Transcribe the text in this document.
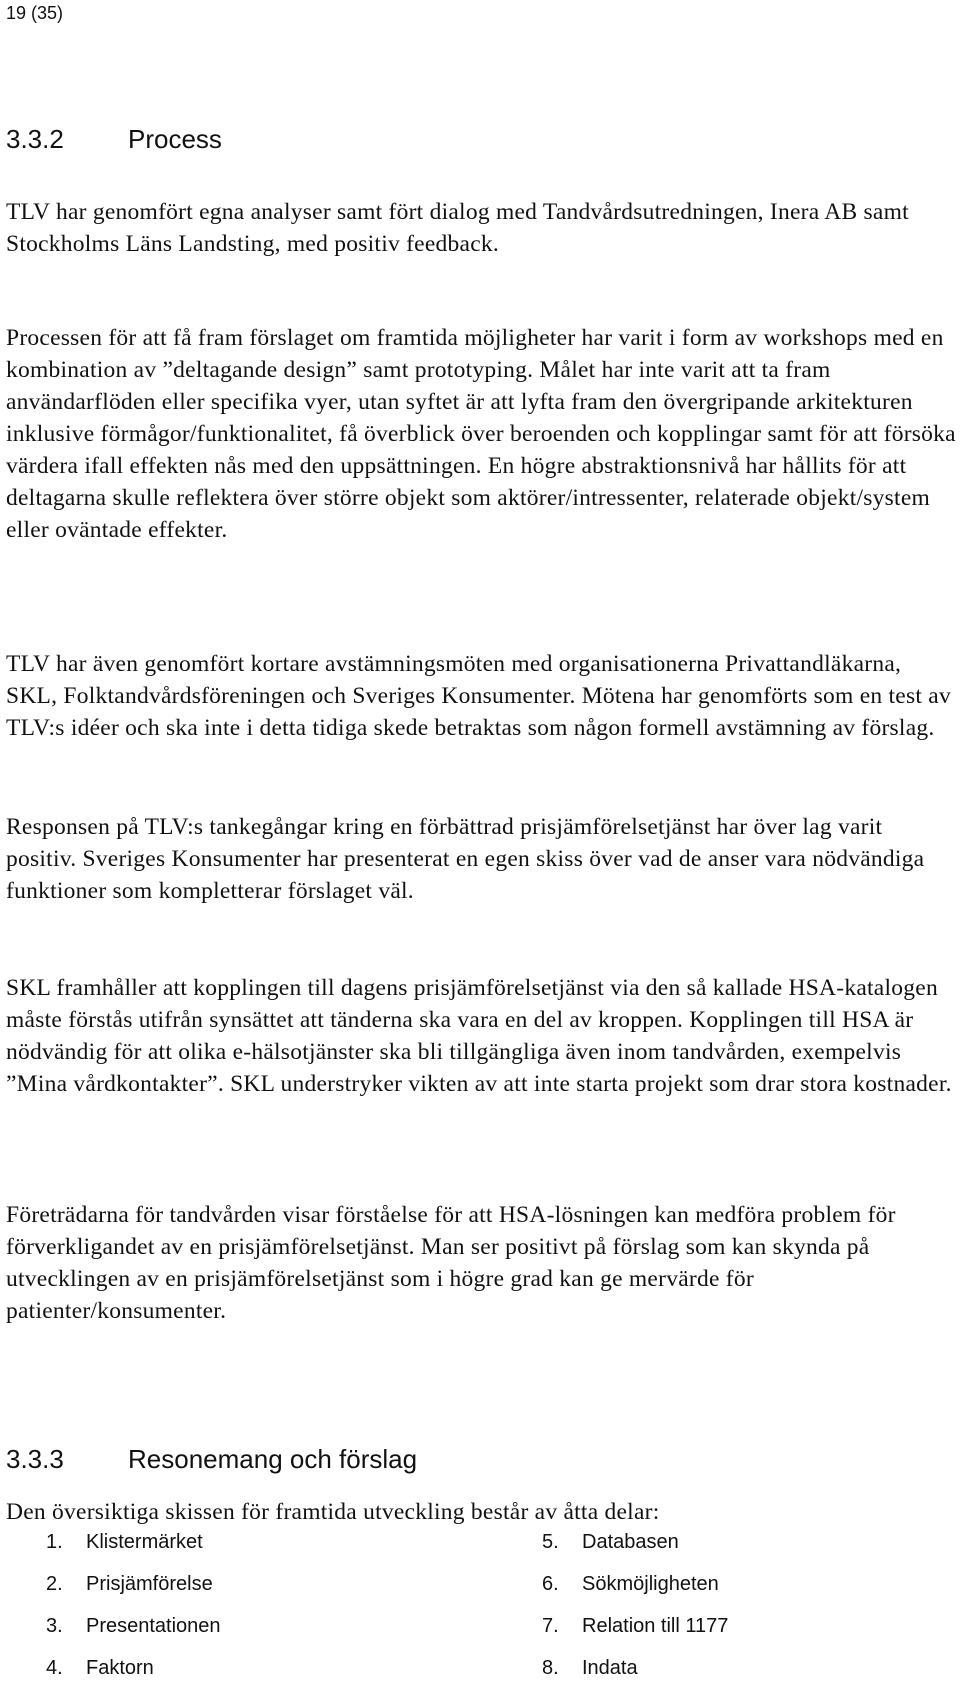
19 (35)
3.3.2 Process

TLV har genomfört egna analyser samt fört dialog med Tandvårdsutredningen, Inera AB samt Stockholms Läns Landsting, med positiv feedback.

Processen för att få fram förslaget om framtida möjligheter har varit i form av workshops med en kombination av ”deltagande design” samt prototyping. Målet har inte varit att ta fram användarflöden eller specifika vyer, utan syftet är att lyfta fram den övergripande arkitekturen inklusive förmågor/funktionalitet, få överblick över beroenden och kopplingar samt för att försöka värdera ifall effekten nås med den uppsättningen. En högre abstraktionsnivå har hållits för att deltagarna skulle reflektera över större objekt som aktörer/intressenter, relaterade objekt/system eller oväntade effekter.

TLV har även genomfört kortare avstämningsmöten med organisationerna Privattandläkarna, SKL, Folktandvårdsföreningen och Sveriges Konsumenter. Mötena har genomförts som en test av TLV:s idéer och ska inte i detta tidiga skede betraktas som någon formell avstämning av förslag.

Responsen på TLV:s tankegångar kring en förbättrad prisjämförelsetjänst har över lag varit positiv. Sveriges Konsumenter har presenterat en egen skiss över vad de anser vara nödvändiga funktioner som kompletterar förslaget väl.

SKL framhåller att kopplingen till dagens prisjämförelsetjänst via den så kallade HSA-katalogen måste förstås utifrån synsättet att tänderna ska vara en del av kroppen. Kopplingen till HSA är nödvändig för att olika e-hälsotjänster ska bli tillgängliga även inom tandvården, exempelvis ”Mina vårdkontakter”. SKL understryker vikten av att inte starta projekt som drar stora kostnader.

Företrädarna för tandvården visar förståelse för att HSA-lösningen kan medföra problem för förverkligandet av en prisjämförelsetjänst. Man ser positivt på förslag som kan skynda på utvecklingen av en prisjämförelsetjänst som i högre grad kan ge mervärde för patienter/konsumenter.

3.3.3 Resonemang och förslag

Den översiktiga skissen för framtida utveckling består av åtta delar:

1. Klistermärket
2. Prisjämförelse
3. Presentationen
4. Faktorn
5. Databasen
6. Sökmöjligheten
7. Relation till 1177
8. Indata
